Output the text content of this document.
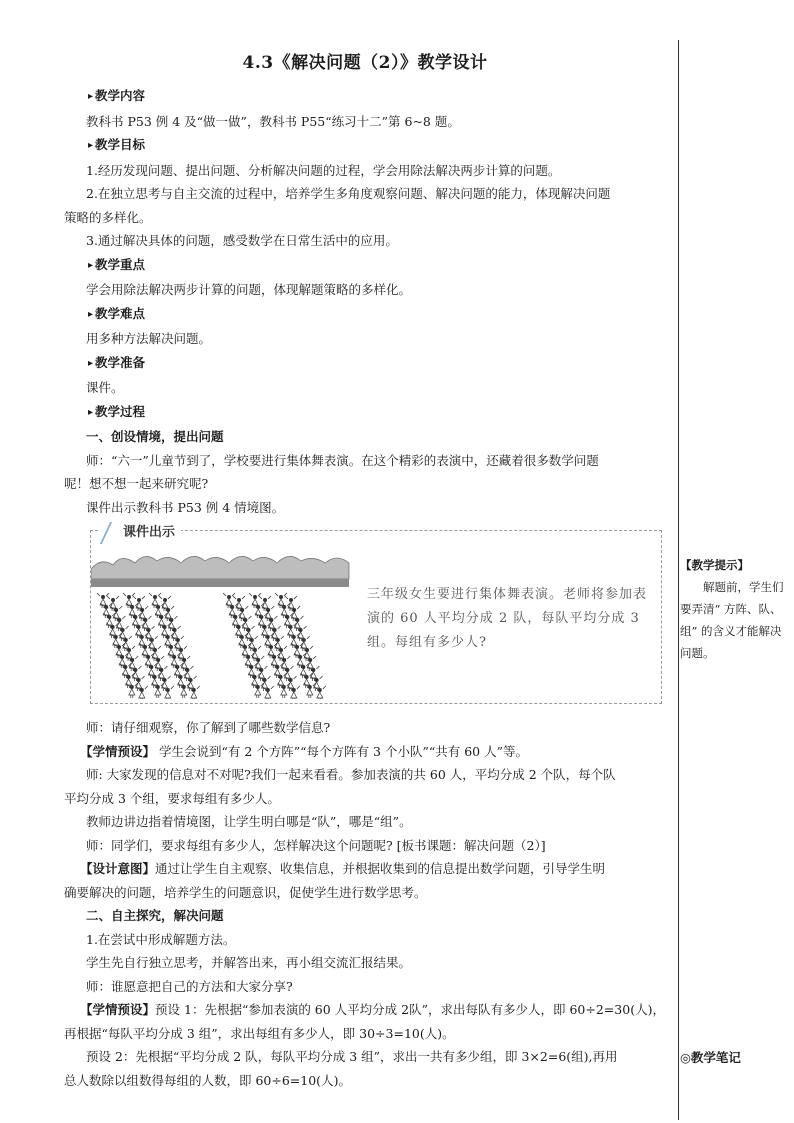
4.3《解决问题（2）》教学设计

▸ 教学内容

教科书 P53 例 4 及“做一做”，教科书 P55“练习十二”第 6~8 题。

▸ 教学目标

1.经历发现问题、提出问题、分析解决问题的过程，学会用除法解决两步计算的问题。

2.在独立思考与自主交流的过程中，培养学生多角度观察问题、解决问题的能力，体现解决问题

策略的多样化。

3.通过解决具体的问题，感受数学在日常生活中的应用。

▸ 教学重点

学会用除法解决两步计算的问题，体现解题策略的多样化。

▸ 教学难点

用多种方法解决问题。

▸ 教学准备

课件。

▸ 教学过程

一、创设情境，提出问题

师：“六一”儿童节到了，学校要进行集体舞表演。在这个精彩的表演中，还藏着很多数学问题

呢！想不想一起来研究呢?

课件出示教科书 P53 例 4 情境图。

课件出示
三年级女生要进行集体舞表演。老师将参加表演的 60 人平均分成 2 队，每队平均分成 3 组。每组有多少人?

师：请仔细观察，你了解到了哪些数学信息?

【学情预设】 学生会说到“有 2 个方阵”“每个方阵有 3 个小队”“共有 60 人”等。

师: 大家发现的信息对不对呢?我们一起来看看。参加表演的共 60 人，平均分成 2 个队，每个队

平均分成 3 个组，要求每组有多少人。

教师边讲边指着情境图，让学生明白哪是“队”，哪是“组”。

师：同学们，要求每组有多少人，怎样解决这个问题呢? [板书课题：解决问题（2）]

【设计意图】通过让学生自主观察、收集信息，并根据收集到的信息提出数学问题，引导学生明

确要解决的问题，培养学生的问题意识，促使学生进行数学思考。

二、自主探究，解决问题

1.在尝试中形成解题方法。

学生先自行独立思考，并解答出来，再小组交流汇报结果。

师：谁愿意把自己的方法和大家分享?

【学情预设】预设 1：先根据“参加表演的 60 人平均分成 2队”，求出每队有多少人，即 60÷2=30(人)，

再根据“每队平均分成 3 组”，求出每组有多少人，即 30÷3=10(人)。

预设 2：先根据“平均分成 2 队，每队平均分成 3 组”，求出一共有多少组，即 3×2=6(组),再用

总人数除以组数得每组的人数，即 60÷6=10(人)。

【教学提示】

解题前，学生们要弄清“ 方阵、队、组” 的含义才能解决问题。

◎教学笔记
